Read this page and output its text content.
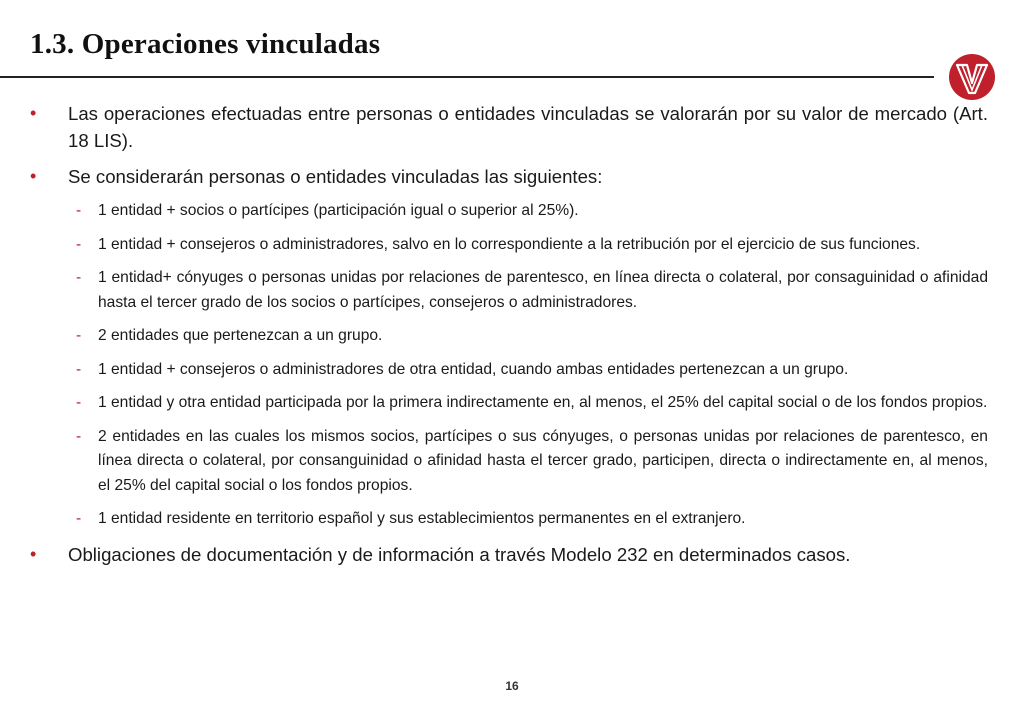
1.3. Operaciones vinculadas
• Las operaciones efectuadas entre personas o entidades vinculadas se valorarán por su valor de mercado (Art. 18 LIS).
• Se considerarán personas o entidades vinculadas las siguientes:
- 1 entidad + socios o partícipes (participación igual o superior al 25%).
- 1 entidad + consejeros o administradores, salvo en lo correspondiente a la retribución por el ejercicio de sus funciones.
- 1 entidad+ cónyuges o personas unidas por relaciones de parentesco, en línea directa o colateral, por consaguinidad o afinidad hasta el tercer grado de los socios o partícipes, consejeros o administradores.
- 2 entidades que pertenezcan a un grupo.
- 1 entidad + consejeros o administradores de otra entidad, cuando ambas entidades pertenezcan a un grupo.
- 1 entidad y otra entidad participada por la primera indirectamente en, al menos, el 25% del capital social o de los fondos propios.
- 2 entidades en las cuales los mismos socios, partícipes o sus cónyuges, o personas unidas por relaciones de parentesco, en línea directa o colateral, por consanguinidad o afinidad hasta el tercer grado, participen, directa o indirectamente en, al menos, el 25% del capital social o los fondos propios.
- 1 entidad residente en territorio español y sus establecimientos permanentes en el extranjero.
• Obligaciones de documentación y de información a través Modelo 232 en determinados casos.
16
